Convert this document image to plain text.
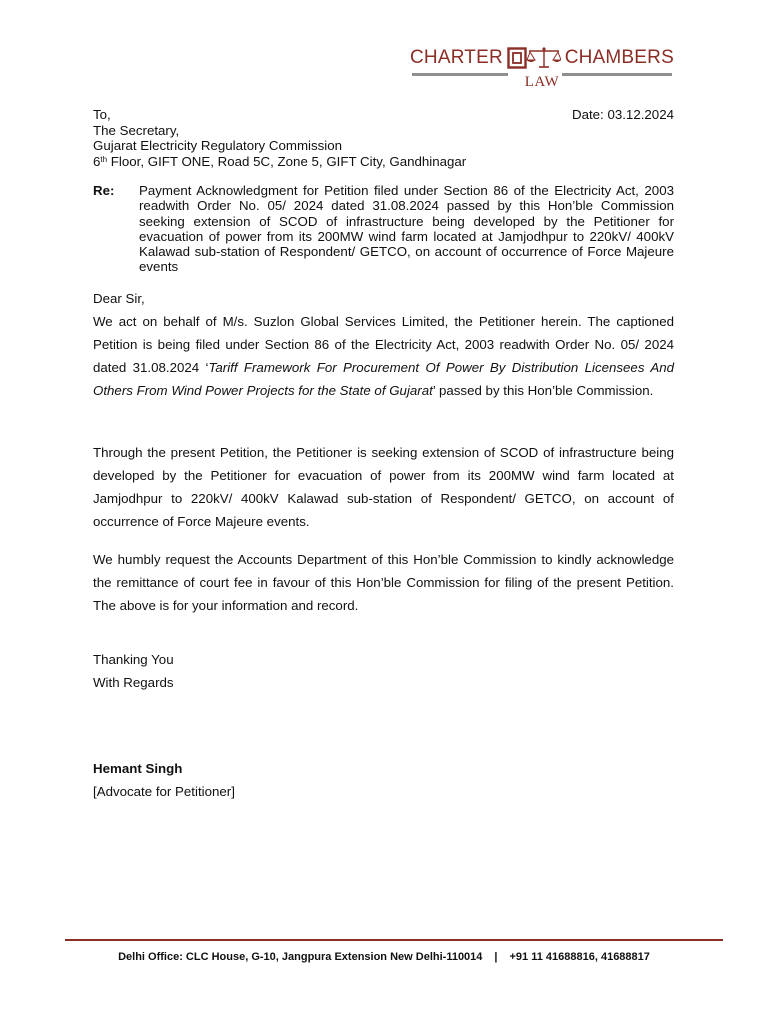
CHARTER	CHAMBERS
LAW
To,
The Secretary,
Gujarat Electricity Regulatory Commission
6th Floor, GIFT ONE, Road 5C, Zone 5, GIFT City, Gandhinagar
Date: 03.12.2024
Re: Payment Acknowledgment for Petition filed under Section 86 of the Electricity Act, 2003 readwith Order No. 05/ 2024 dated 31.08.2024 passed by this Hon’ble Commission seeking extension of SCOD of infrastructure being developed by the Petitioner for evacuation of power from its 200MW wind farm located at Jamjodhpur to 220kV/ 400kV Kalawad sub-station of Respondent/ GETCO, on account of occurrence of Force Majeure events
Dear Sir,
We act on behalf of M/s. Suzlon Global Services Limited, the Petitioner herein. The captioned Petition is being filed under Section 86 of the Electricity Act, 2003 readwith Order No. 05/ 2024 dated 31.08.2024 ‘Tariff Framework For Procurement Of Power By Distribution Licensees And Others From Wind Power Projects for the State of Gujarat’ passed by this Hon’ble Commission.
Through the present Petition, the Petitioner is seeking extension of SCOD of infrastructure being developed by the Petitioner for evacuation of power from its 200MW wind farm located at Jamjodhpur to 220kV/ 400kV Kalawad sub-station of Respondent/ GETCO, on account of occurrence of Force Majeure events.
We humbly request the Accounts Department of this Hon’ble Commission to kindly acknowledge the remittance of court fee in favour of this Hon’ble Commission for filing of the present Petition. The above is for your information and record.
Thanking You
With Regards
Hemant Singh
[Advocate for Petitioner]
Delhi Office: CLC House, G-10, Jangpura Extension New Delhi-110014 | +91 11 41688816, 41688817
